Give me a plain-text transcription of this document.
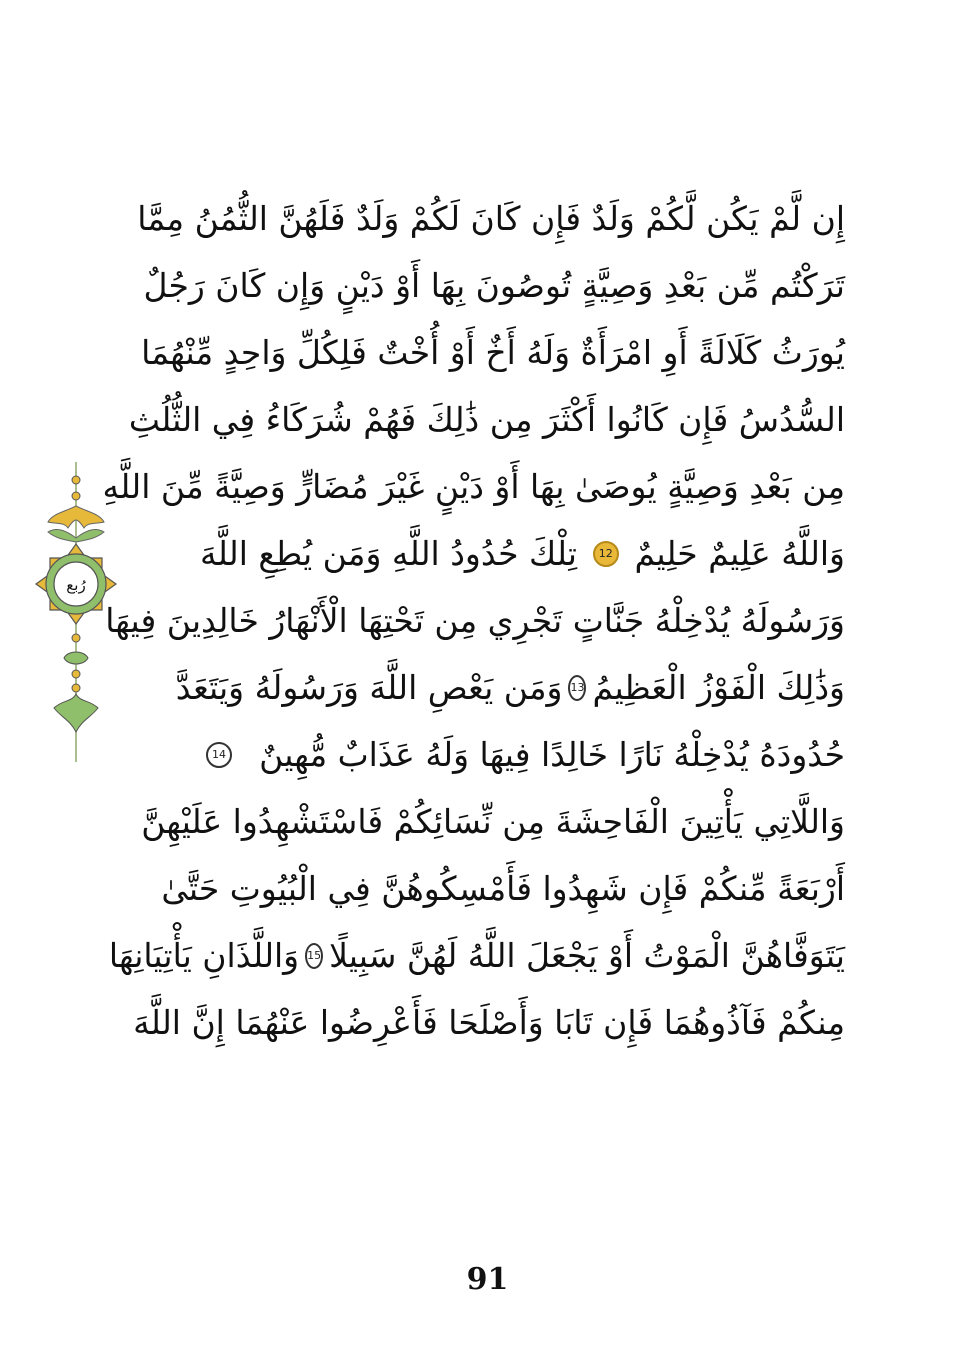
إِن لَّمْ يَكُن لَّكُمْ وَلَدٌ فَإِن كَانَ لَكُمْ وَلَدٌ فَلَهُنَّ الثُّمُنُ مِمَّا

تَرَكْتُم مِّن بَعْدِ وَصِيَّةٍ تُوصُونَ بِهَا أَوْ دَيْنٍ وَإِن كَانَ رَجُلٌ

يُورَثُ كَلَالَةً أَوِ امْرَأَةٌ وَلَهُ أَخٌ أَوْ أُخْتٌ فَلِكُلِّ وَاحِدٍ مِّنْهُمَا

السُّدُسُ فَإِن كَانُوا أَكْثَرَ مِن ذَٰلِكَ فَهُمْ شُرَكَاءُ فِي الثُّلُثِ

مِن بَعْدِ وَصِيَّةٍ يُوصَىٰ بِهَا أَوْ دَيْنٍ غَيْرَ مُضَارٍّ وَصِيَّةً مِّنَ اللَّهِ

وَاللَّهُ عَلِيمٌ حَلِيمٌ
12
تِلْكَ حُدُودُ اللَّهِ وَمَن يُطِعِ اللَّهَ

وَرَسُولَهُ يُدْخِلْهُ جَنَّاتٍ تَجْرِي مِن تَحْتِهَا الْأَنْهَارُ خَالِدِينَ فِيهَا

وَذَٰلِكَ الْفَوْزُ الْعَظِيمُ
13
وَمَن يَعْصِ اللَّهَ وَرَسُولَهُ وَيَتَعَدَّ

حُدُودَهُ يُدْخِلْهُ نَارًا خَالِدًا فِيهَا وَلَهُ عَذَابٌ مُّهِينٌ
14

وَاللَّاتِي يَأْتِينَ الْفَاحِشَةَ مِن نِّسَائِكُمْ فَاسْتَشْهِدُوا عَلَيْهِنَّ

أَرْبَعَةً مِّنكُمْ فَإِن شَهِدُوا فَأَمْسِكُوهُنَّ فِي الْبُيُوتِ حَتَّىٰ

يَتَوَفَّاهُنَّ الْمَوْتُ أَوْ يَجْعَلَ اللَّهُ لَهُنَّ سَبِيلًا
15
وَاللَّذَانِ يَأْتِيَانِهَا

مِنكُمْ فَآذُوهُمَا فَإِن تَابَا وَأَصْلَحَا فَأَعْرِضُوا عَنْهُمَا إِنَّ اللَّهَ

رُبع
91
